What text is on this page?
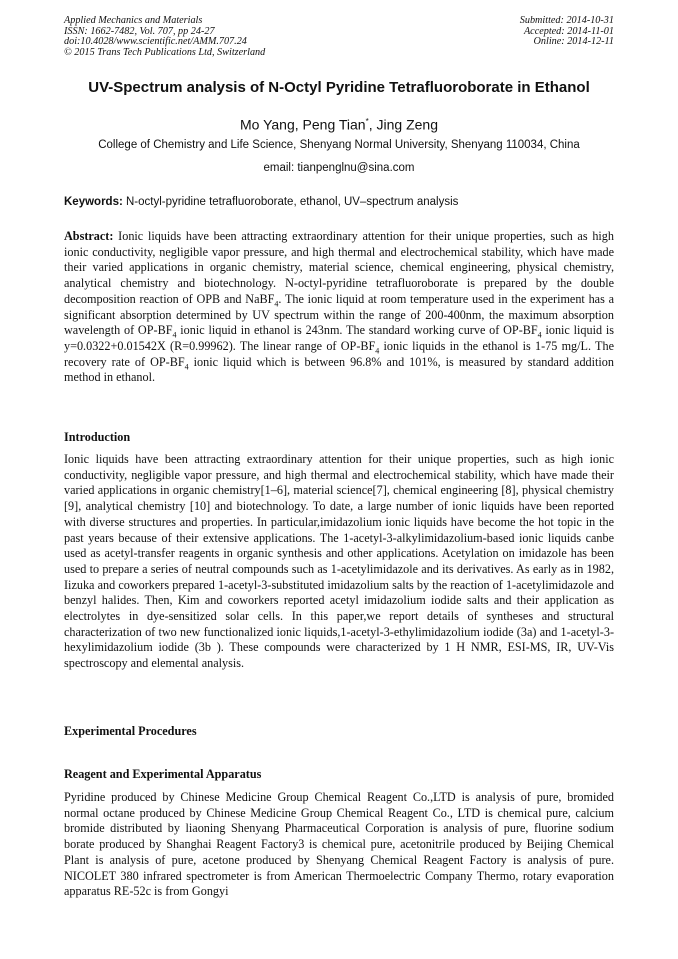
Applied Mechanics and Materials
ISSN: 1662-7482, Vol. 707, pp 24-27
doi:10.4028/www.scientific.net/AMM.707.24
© 2015 Trans Tech Publications Ltd, Switzerland
Submitted: 2014-10-31
Accepted: 2014-11-01
Online: 2014-12-11
UV-Spectrum analysis of N-Octyl Pyridine Tetrafluoroborate in Ethanol
Mo Yang, Peng Tian*, Jing Zeng
College of Chemistry and Life Science, Shenyang Normal University, Shenyang 110034, China
email: tianpenglnu@sina.com
Keywords: N-octyl-pyridine tetrafluoroborate, ethanol, UV–spectrum analysis
Abstract: Ionic liquids have been attracting extraordinary attention for their unique properties, such as high ionic conductivity, negligible vapor pressure, and high thermal and electrochemical stability, which have made their varied applications in organic chemistry, material science, chemical engineering, physical chemistry, analytical chemistry and biotechnology. N-octyl-pyridine tetrafluoroborate is prepared by the double decomposition reaction of OPB and NaBF$_4$. The ionic liquid at room temperature used in the experiment has a significant absorption determined by UV spectrum within the range of 200-400nm, the maximum absorption wavelength of $OP-BF_4$ ionic liquid in ethanol is 243nm. The standard working curve of $OP-BF_4$ ionic liquid is y=0.0322+0.01542X (R=0.99962). The linear range of $OP-BF_4$ ionic liquids in the ethanol is 1-75 mg/L. The recovery rate of $OP-BF_4$ ionic liquid which is between 96.8% and 101%, is measured by standard addition method in ethanol.
Introduction
Ionic liquids have been attracting extraordinary attention for their unique properties, such as high ionic conductivity, negligible vapor pressure, and high thermal and electrochemical stability, which have made their varied applications in organic chemistry[1–6], material science[7], chemical engineering [8], physical chemistry [9], analytical chemistry [10] and biotechnology. To date, a large number of ionic liquids have been reported with diverse structures and properties. In particular,imidazolium ionic liquids have become the hot topic in the past years because of their extensive applications. The 1-acetyl-3-alkylimidazolium-based ionic liquids canbe used as acetyl-transfer reagents in organic synthesis and other applications. Acetylation on imidazole has been used to prepare a series of neutral compounds such as 1-acetylimidazole and its derivatives. As early as in 1982, Iizuka and coworkers prepared 1-acetyl-3-substituted imidazolium salts by the reaction of 1-acetylimidazole and benzyl halides. Then, Kim and coworkers reported acetyl imidazolium iodide salts and their application as electrolytes in dye-sensitized solar cells. In this paper,we report details of syntheses and structural characterization of two new functionalized ionic liquids,1-acetyl-3-ethylimidazolium iodide (3a) and 1-acetyl-3-hexylimidazolium iodide (3b ). These compounds were characterized by 1 H NMR, ESI-MS, IR, UV-Vis spectroscopy and elemental analysis.
Experimental Procedures
Reagent and Experimental Apparatus
Pyridine produced by Chinese Medicine Group Chemical Reagent Co.,LTD is analysis of pure, bromided normal octane produced by Chinese Medicine Group Chemical Reagent Co., LTD is chemical pure, calcium bromide distributed by liaoning Shenyang Pharmaceutical Corporation is analysis of pure, fluorine sodium borate produced by Shanghai Reagent Factory3 is chemical pure, acetonitrile produced by Beijing Chemical Plant is analysis of pure, acetone produced by Shenyang Chemical Reagent Factory is analysis of pure. NICOLET 380 infrared spectrometer is from American Thermoelectric Company Thermo, rotary evaporation apparatus RE-52c is from Gongyi
